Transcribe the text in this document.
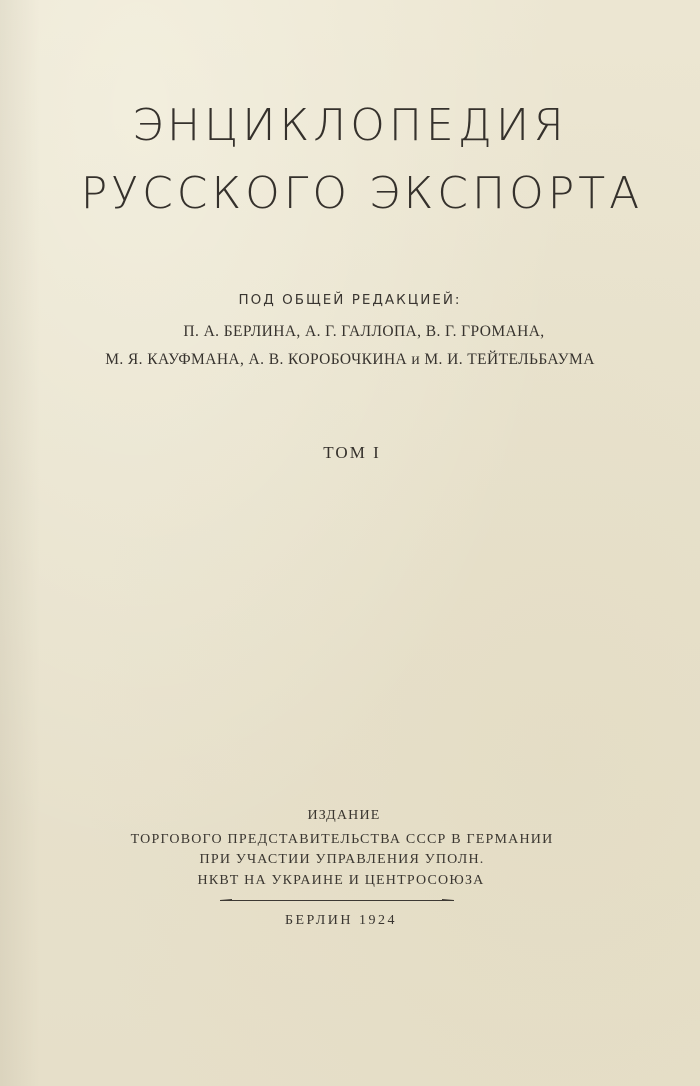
ЭНЦИКЛОПЕДИЯ
РУССКОГО ЭКСПОРТА
ПОД ОБЩЕЙ РЕДАКЦИЕЙ:
П. А. БЕРЛИНА, А. Г. ГАЛЛОПА, В. Г. ГРОМАНА,
М. Я. КАУФМАНА, А. В. КОРОБОЧКИНА и М. И. ТЕЙТЕЛЬБАУМА
ТОМ I
ИЗДАНИЕ
ТОРГОВОГО ПРЕДСТАВИТЕЛЬСТВА СССР В ГЕРМАНИИ
ПРИ УЧАСТИИ УПРАВЛЕНИЯ УПОЛН.
НКВТ НА УКРАИНЕ И ЦЕНТРОСОЮЗА
БЕРЛИН 1924
